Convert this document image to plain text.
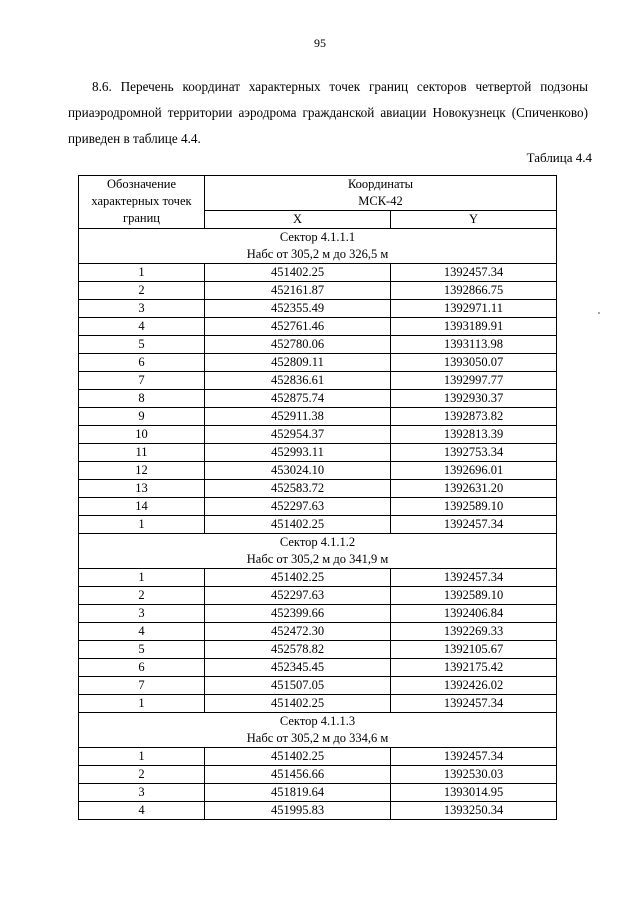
95
8.6. Перечень координат характерных точек границ секторов четвертой подзоны приаэродромной территории аэродрома гражданской авиации Новокузнецк (Спиченково) приведен в таблице 4.4.
Таблица 4.4
Обозначение характерных точек границ	Координаты МСК-42	

	X	Y

Сектор 4.1.1.1
Набс от 305,2 м до 326,5 м		

1	451402.25	1392457.34
2	452161.87	1392866.75
3	452355.49	1392971.11
4	452761.46	1393189.91
5	452780.06	1393113.98
6	452809.11	1393050.07
7	452836.61	1392997.77
8	452875.74	1392930.37
9	452911.38	1392873.82
10	452954.37	1392813.39
11	452993.11	1392753.34
12	453024.10	1392696.01
13	452583.72	1392631.20
14	452297.63	1392589.10
1	451402.25	1392457.34

Сектор 4.1.1.2
Набс от 305,2 м до 341,9 м		

1	451402.25	1392457.34
2	452297.63	1392589.10
3	452399.66	1392406.84
4	452472.30	1392269.33
5	452578.82	1392105.67
6	452345.45	1392175.42
7	451507.05	1392426.02
1	451402.25	1392457.34

Сектор 4.1.1.3
Набс от 305,2 м до 334,6 м		

1	451402.25	1392457.34
2	451456.66	1392530.03
3	451819.64	1393014.95
4	451995.83	1393250.34
